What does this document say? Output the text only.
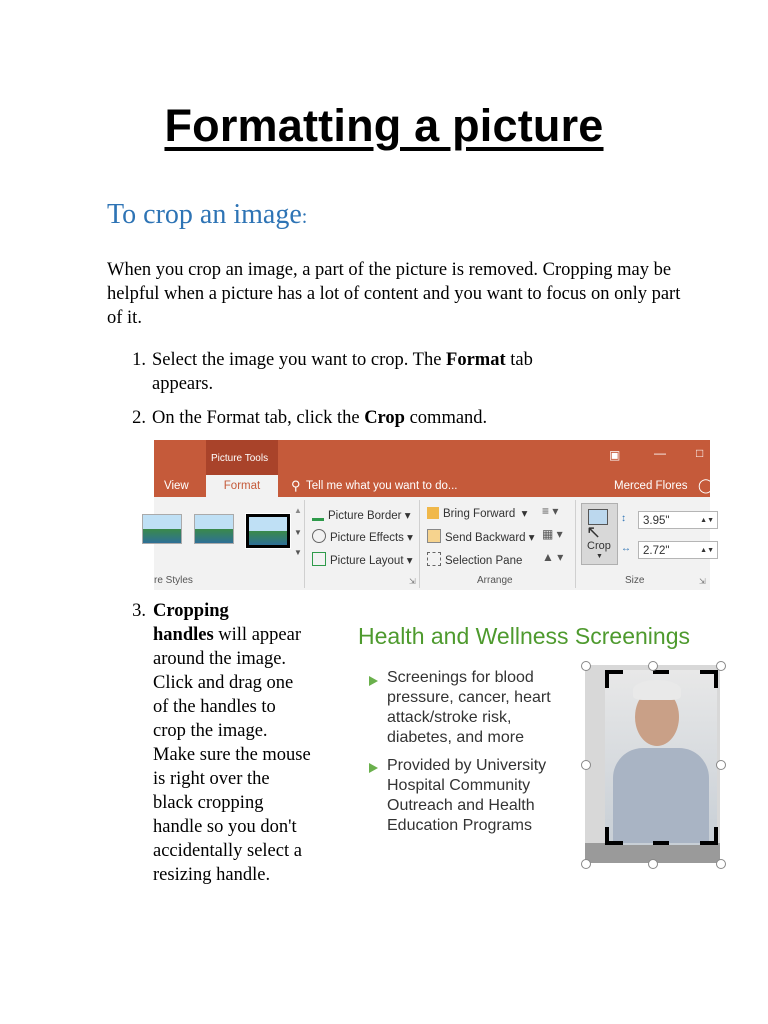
Formatting a picture
To crop an image:
When you crop an image, a part of the picture is removed. Cropping may be helpful when a picture has a lot of content and you want to focus on only part of it.
1. Select the image you want to crop. The Format tab
appears.
2. On the Format tab, click the Crop command.
Picture Tools	▣	—	□
View	Format	⚲ Tell me what you want to do...	Merced Flores ◯
▲
▼
▼
re Styles
Picture Border ▾
Picture Effects ▾
Picture Layout ▾
⇲
Bring Forward  ▾
Send Backward ▾
Selection Pane
≡ ▾
▦ ▾
▲ ▾
Arrange
Crop
▼
↖
↕	3.95"	▲▼
↔	2.72"	▲▼
Size	⇲
3. Cropping
handles will appear
around the image.
Click and drag one
of the handles to
crop the image.
Make sure the mouse
is right over the
black cropping
handle so you don't
accidentally select a
resizing handle.
Health and Wellness Screenings
Screenings for blood
pressure, cancer, heart
attack/stroke risk,
diabetes, and more
Provided by University
Hospital Community
Outreach and Health
Education Programs
